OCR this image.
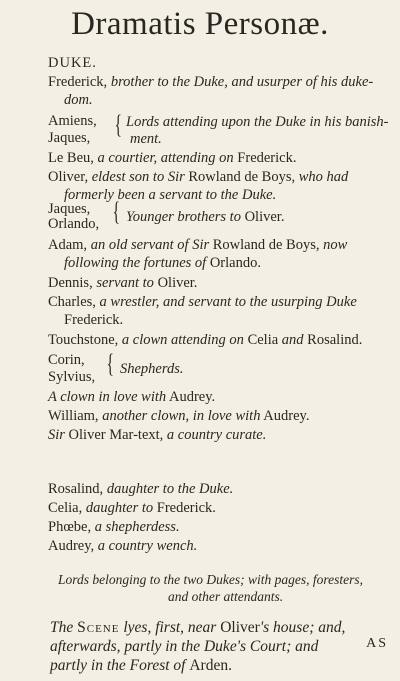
Dramatis Personæ.
DUKE.
Frederick, brother to the Duke, and usurper of his duke-
dom.
Amiens,
Jaques, { Lords attending upon the Duke in his banish-
ment.
Le Beu, a courtier, attending on Frederick.
Oliver, eldest son to Sir Rowland de Boys, who had
formerly been a servant to the Duke.
Jaques,
Orlando, { Younger brothers to Oliver.
Adam, an old servant of Sir Rowland de Boys, now
following the fortunes of Orlando.
Dennis, servant to Oliver.
Charles, a wrestler, and servant to the usurping Duke
Frederick.
Touchstone, a clown attending on Celia and Rosalind.
Corin,
Sylvius, { Shepherds.
A clown in love with Audrey.
William, another clown, in love with Audrey.
Sir Oliver Mar-text, a country curate.
Rosalind, daughter to the Duke.
Celia, daughter to Frederick.
Phœbe, a shepherdess.
Audrey, a country wench.
Lords belonging to the two Dukes; with pages, foresters,
and other attendants.
The Scene lyes, first, near Oliver's house; and,
afterwards, partly in the Duke's Court; and
partly in the Forest of Arden.
AS
